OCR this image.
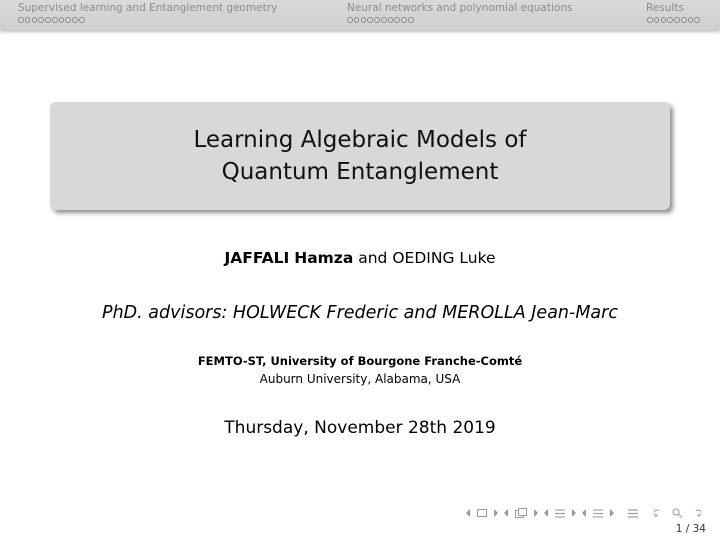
Supervised learning and Entanglement geometry	Neural networks and polynomial equations	Results
Learning Algebraic Models of
Quantum Entanglement
JAFFALI Hamza and OEDING Luke
PhD. advisors: HOLWECK Frederic and MEROLLA Jean-Marc
FEMTO-ST, University of Bourgone Franche-Comté
Auburn University, Alabama, USA
Thursday, November 28th 2019
1 / 34
